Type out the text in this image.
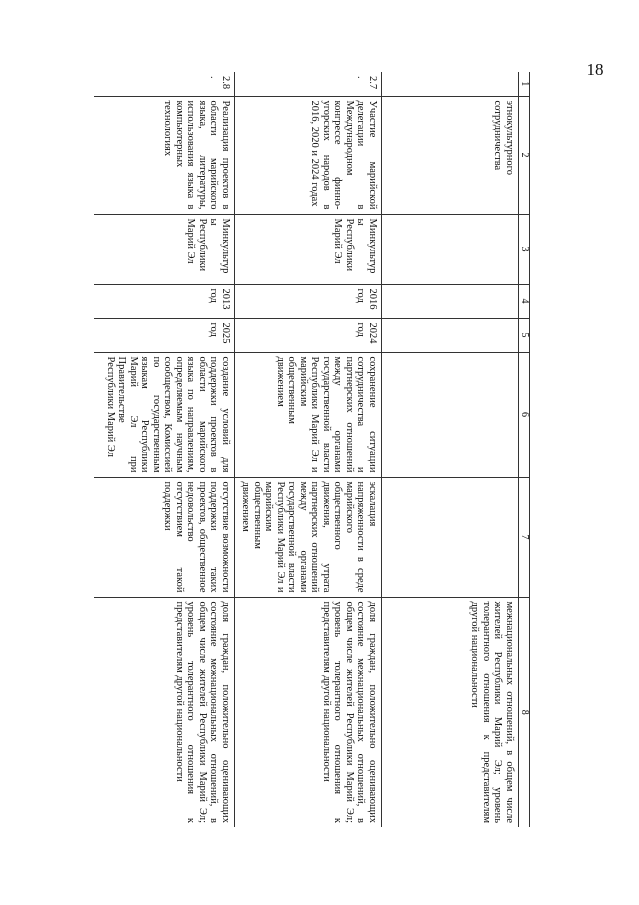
18
1	2	3	4	5	6	7	8
	этнокультурного сотрудничества						межнациональных отношений, в общем числе жителей Республики Марий Эл; уровень толерантного отношения к представителям другой национальности
2.7.	Участие марийской делегации в Международном конгрессе финно-угорских народов в 2016, 2020 и 2024 годах	Минкультуры Республики Марий Эл	2016 год	2024 год	сохранение ситуации сотрудничества и партнерских отношений между органами государственной власти Республики Марий Эл и марийским общественным движением	эскалация напряженности в среде марийского общественного движения, утрата партнерских отношений между органами государственной власти Республики Марий Эл и марийским общественным движением	доля граждан, положительно оценивающих состояние межнациональных отношений, в общем числе жителей Республики Марий Эл; уровень толерантного отношения к представителям другой национальности
2.8.	Реализация проектов в области марийского языка, литературы, использования языка в компьютерных технологиях	Минкультуры Республики Марий Эл	2013 год	2025 год	создание условий для поддержки проектов в области марийского языка по направлениям, определяемым научным сообществом, Комиссией по государственным языкам Республики Марий Эл при Правительстве Республики Марий Эл	отсутствие возможности поддержки таких проектов, общественное недовольство отсутствием такой поддержки	доля граждан, положительно оценивающих состояние межнациональных отношений, в общем числе жителей Республики Марий Эл; уровень толерантного отношения к представителям другой национальности
